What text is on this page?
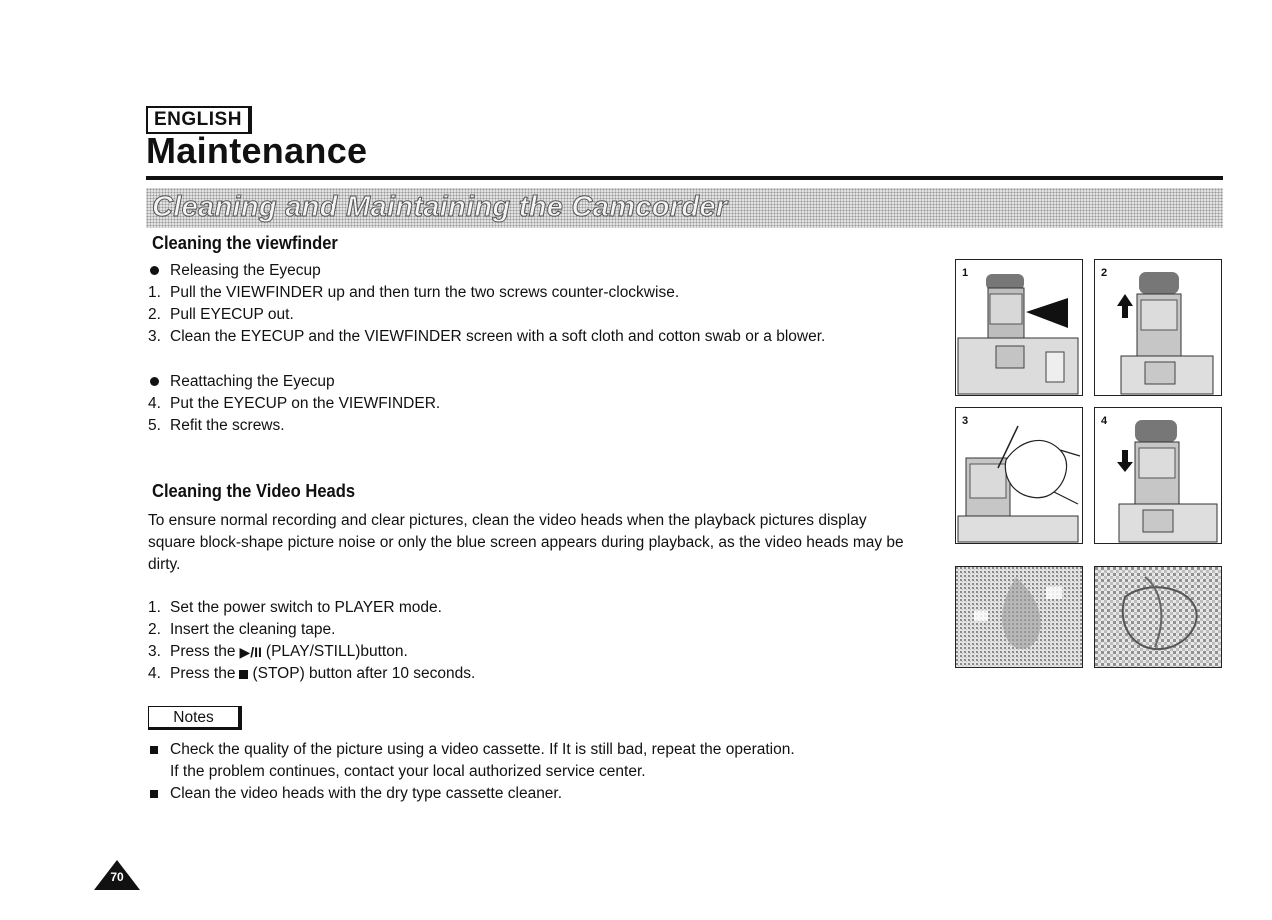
ENGLISH
Maintenance
Cleaning and Maintaining the Camcorder
Cleaning the viewfinder
Releasing the Eyecup
1. Pull the VIEWFINDER up and then turn the two screws counter-clockwise.
2. Pull EYECUP out.
3. Clean the EYECUP and the VIEWFINDER screen with a soft cloth and cotton swab or a blower.
Reattaching the Eyecup
4. Put the EYECUP on the VIEWFINDER.
5. Refit the screws.
Cleaning the Video Heads
To ensure normal recording and clear pictures, clean the video heads when the playback pictures display square block-shape picture noise or only the blue screen appears during playback, as the video heads may be dirty.
1. Set the power switch to PLAYER mode.
2. Insert the cleaning tape.
3. Press the ▶/II (PLAY/STILL)button.
4. Press the (STOP) button after 10 seconds.
Notes
Check the quality of the picture using a video cassette. If It is still bad, repeat the operation.
If the problem continues, contact your local authorized service center.
Clean the video heads with the dry type cassette cleaner.
1	2
3	4
70
